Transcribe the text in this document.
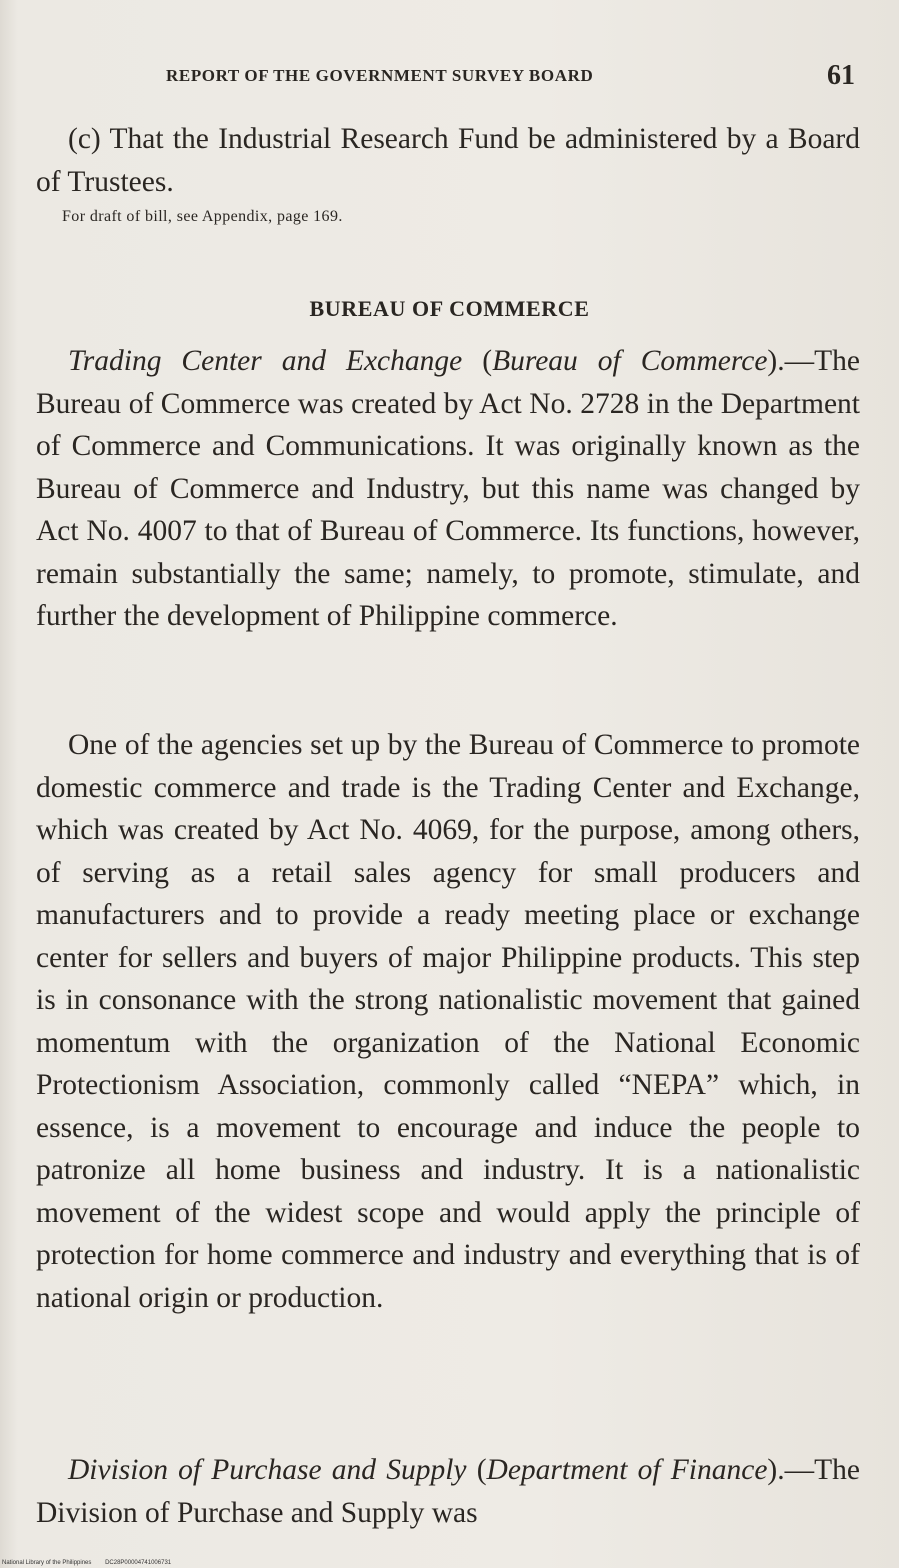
REPORT OF THE GOVERNMENT SURVEY BOARD	61
(c) That the Industrial Research Fund be administered by a Board of Trustees.
For draft of bill, see Appendix, page 169.
BUREAU OF COMMERCE
Trading Center and Exchange (Bureau of Commerce).—The Bureau of Commerce was created by Act No. 2728 in the Department of Commerce and Communications. It was originally known as the Bureau of Commerce and Industry, but this name was changed by Act No. 4007 to that of Bureau of Commerce. Its functions, however, remain substantially the same; namely, to promote, stimulate, and further the development of Philippine commerce.
One of the agencies set up by the Bureau of Commerce to promote domestic commerce and trade is the Trading Center and Exchange, which was created by Act No. 4069, for the purpose, among others, of serving as a retail sales agency for small producers and manufacturers and to provide a ready meeting place or exchange center for sellers and buyers of major Philippine products. This step is in consonance with the strong nationalistic movement that gained momentum with the organization of the National Economic Protectionism Association, commonly called “NEPA” which, in essence, is a movement to encourage and induce the people to patronize all home business and industry. It is a nationalistic movement of the widest scope and would apply the principle of protection for home commerce and industry and everything that is of national origin or production.
Division of Purchase and Supply (Department of Finance).—The Division of Purchase and Supply was
National Library of the Philippines DC28P00004741006731
